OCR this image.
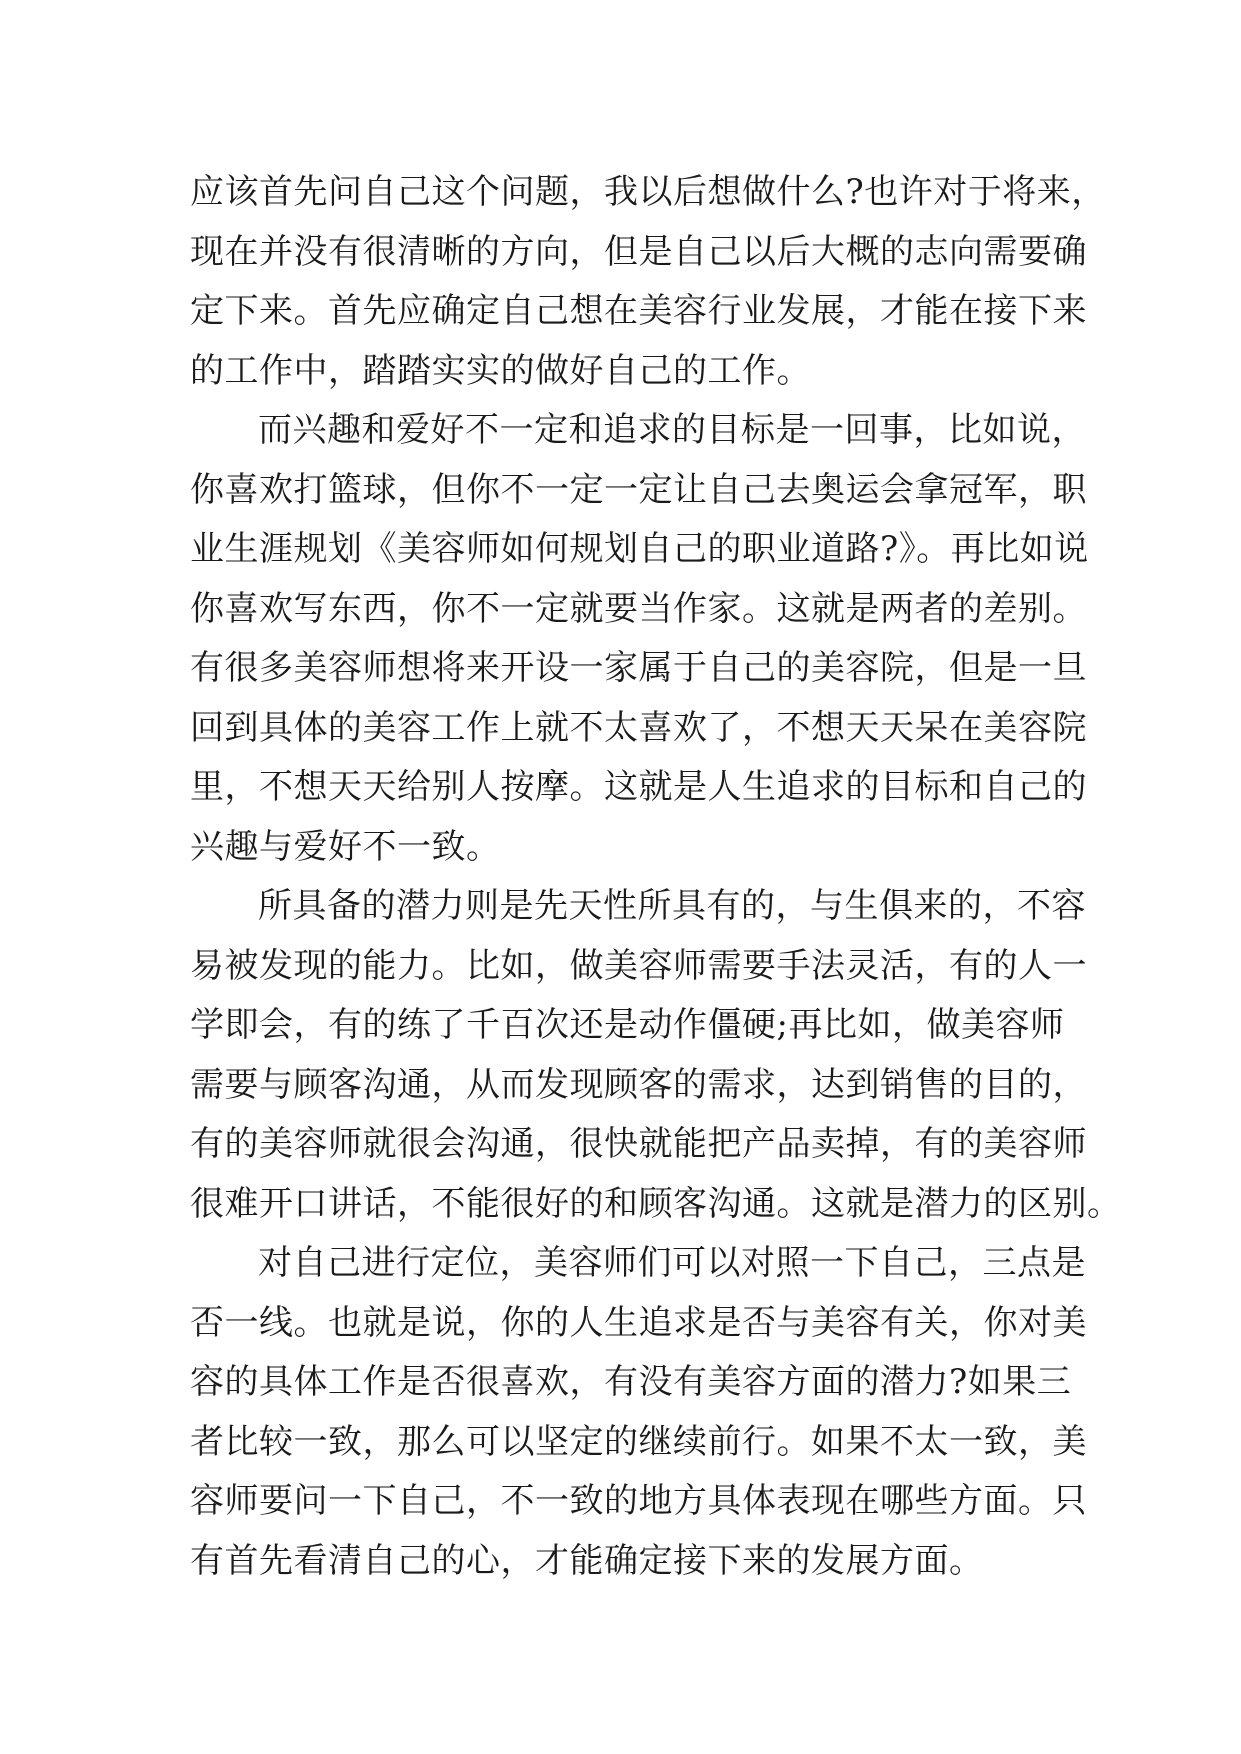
应该首先问自己这个问题，我以后想做什么?也许对于将来，
现在并没有很清晰的方向，但是自己以后大概的志向需要确
定下来。首先应确定自己想在美容行业发展，才能在接下来
的工作中，踏踏实实的做好自己的工作。
而兴趣和爱好不一定和追求的目标是一回事，比如说，
你喜欢打篮球，但你不一定一定让自己去奥运会拿冠军，职
业生涯规划《美容师如何规划自己的职业道路?》。再比如说
你喜欢写东西，你不一定就要当作家。这就是两者的差别。
有很多美容师想将来开设一家属于自己的美容院，但是一旦
回到具体的美容工作上就不太喜欢了，不想天天呆在美容院
里，不想天天给别人按摩。这就是人生追求的目标和自己的
兴趣与爱好不一致。
所具备的潜力则是先天性所具有的，与生俱来的，不容
易被发现的能力。比如，做美容师需要手法灵活，有的人一
学即会，有的练了千百次还是动作僵硬;再比如，做美容师
需要与顾客沟通，从而发现顾客的需求，达到销售的目的，
有的美容师就很会沟通，很快就能把产品卖掉，有的美容师
很难开口讲话，不能很好的和顾客沟通。这就是潜力的区别。
对自己进行定位，美容师们可以对照一下自己，三点是
否一线。也就是说，你的人生追求是否与美容有关，你对美
容的具体工作是否很喜欢，有没有美容方面的潜力?如果三
者比较一致，那么可以坚定的继续前行。如果不太一致，美
容师要问一下自己，不一致的地方具体表现在哪些方面。只
有首先看清自己的心，才能确定接下来的发展方面。
